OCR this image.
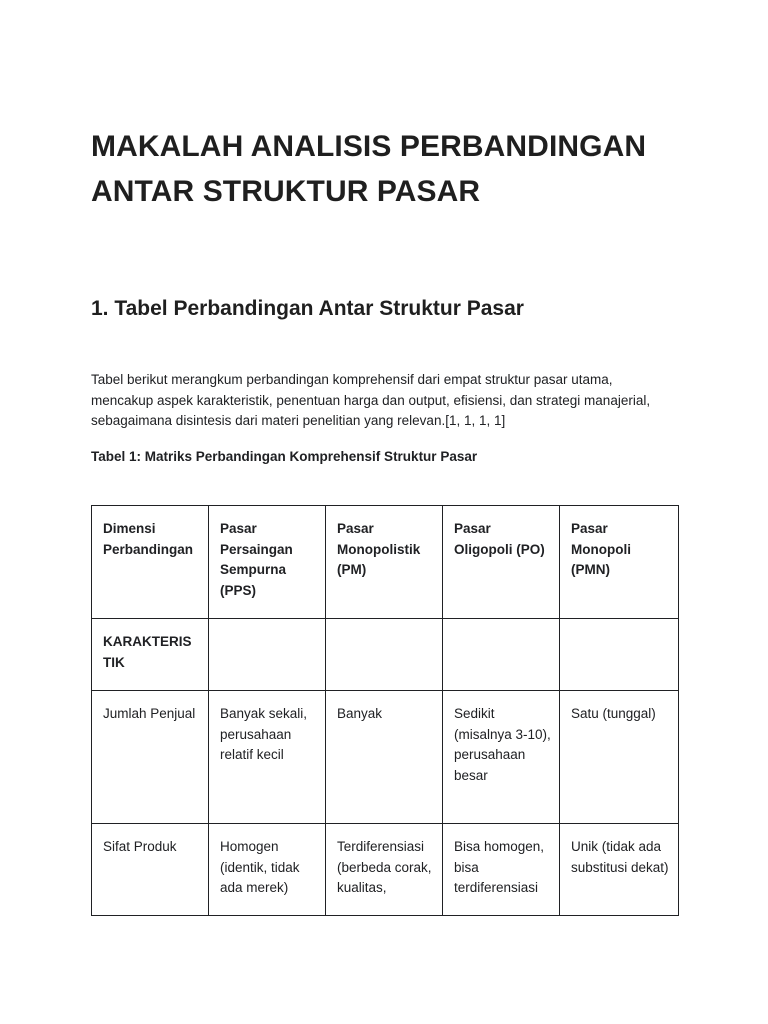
MAKALAH ANALISIS PERBANDINGAN
ANTAR STRUKTUR PASAR
1. Tabel Perbandingan Antar Struktur Pasar

Tabel berikut merangkum perbandingan komprehensif dari empat struktur pasar utama,
mencakup aspek karakteristik, penentuan harga dan output, efisiensi, dan strategi manajerial,
sebagaimana disintesis dari materi penelitian yang relevan.[1, 1, 1, 1]

Tabel 1: Matriks Perbandingan Komprehensif Struktur Pasar

Dimensi Perbandingan	Pasar Persaingan Sempurna (PPS)	Pasar Monopolistik (PM)	Pasar Oligopoli (PO)	Pasar Monopoli (PMN)
KARAKTERIS TIK				
Jumlah Penjual	Banyak sekali, perusahaan relatif kecil	Banyak	Sedikit (misalnya 3-10), perusahaan besar	Satu (tunggal)
Sifat Produk	Homogen (identik, tidak ada merek)	Terdiferensiasi (berbeda corak, kualitas,	Bisa homogen, bisa terdiferensiasi	Unik (tidak ada substitusi dekat)
